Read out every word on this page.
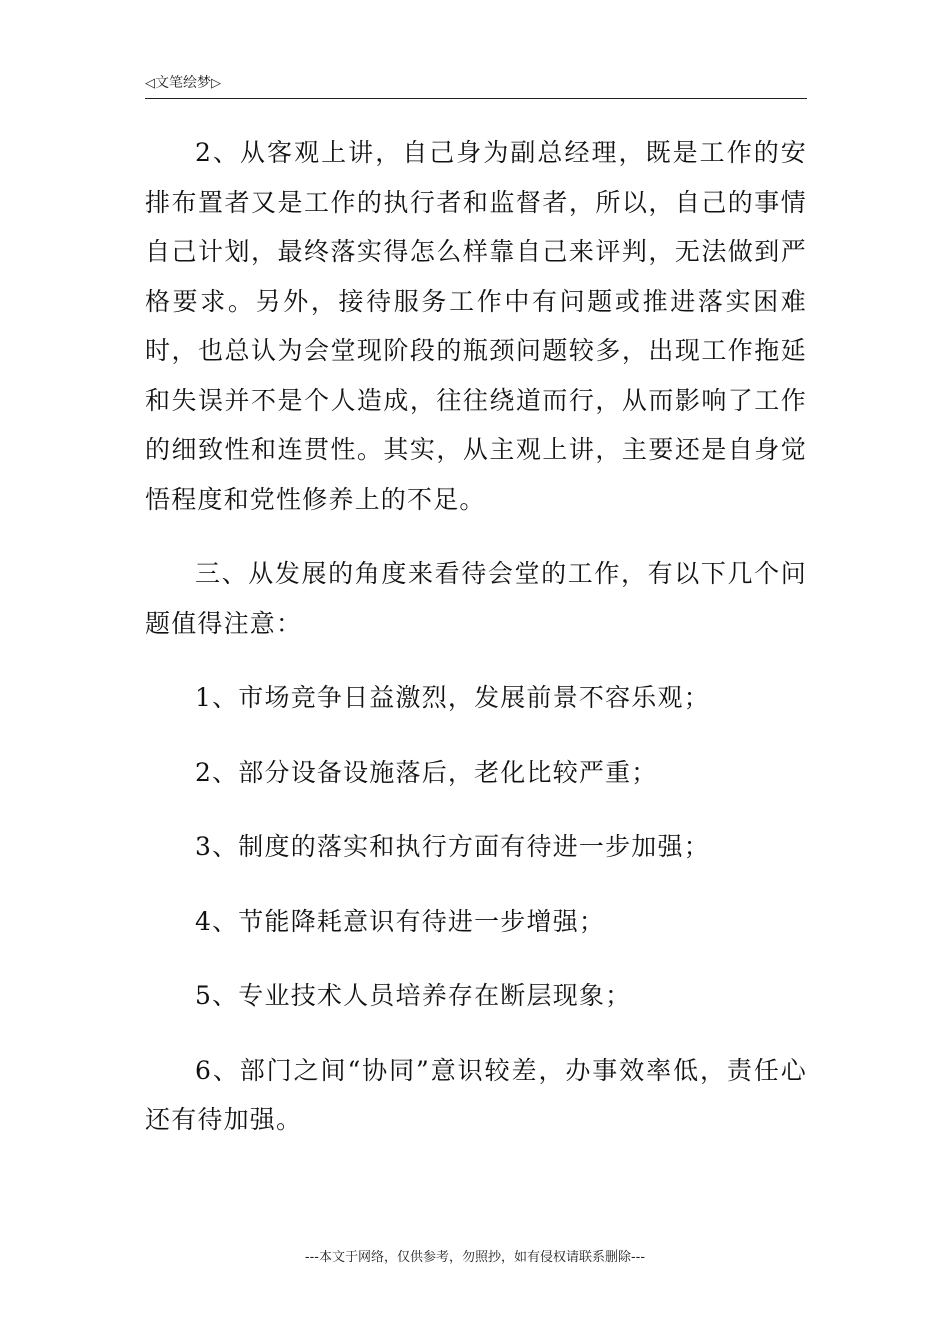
◁文笔绘梦▷

2、从客观上讲，自己身为副总经理，既是工作的安排布置者又是工作的执行者和监督者，所以，自己的事情自己计划，最终落实得怎么样靠自己来评判，无法做到严格要求。另外，接待服务工作中有问题或推进落实困难时，也总认为会堂现阶段的瓶颈问题较多，出现工作拖延和失误并不是个人造成，往往绕道而行，从而影响了工作的细致性和连贯性。其实，从主观上讲，主要还是自身觉悟程度和党性修养上的不足。

三、从发展的角度来看待会堂的工作，有以下几个问题值得注意：

1、市场竞争日益激烈，发展前景不容乐观；

2、部分设备设施落后，老化比较严重；

3、制度的落实和执行方面有待进一步加强；

4、节能降耗意识有待进一步增强；

5、专业技术人员培养存在断层现象；

6、部门之间“协同”意识较差，办事效率低，责任心还有待加强。

---本文于网络，仅供参考，勿照抄，如有侵权请联系删除---
